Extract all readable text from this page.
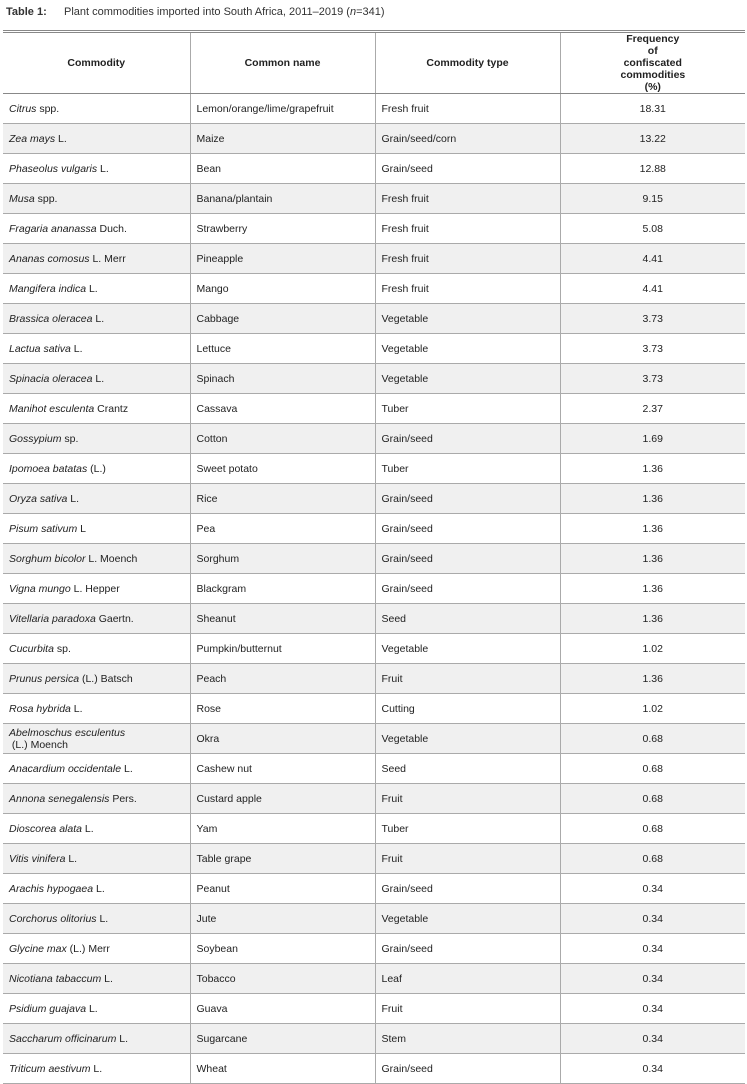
Table 1: Plant commodities imported into South Africa, 2011–2019 (n=341)
Commodity	Common name	Commodity type	Frequency of confiscated commodities (%)
Citrus spp.	Lemon/orange/lime/grapefruit	Fresh fruit	18.31
Zea mays L.	Maize	Grain/seed/corn	13.22
Phaseolus vulgaris L.	Bean	Grain/seed	12.88
Musa spp.	Banana/plantain	Fresh fruit	9.15
Fragaria ananassa Duch.	Strawberry	Fresh fruit	5.08
Ananas comosus L. Merr	Pineapple	Fresh fruit	4.41
Mangifera indica L.	Mango	Fresh fruit	4.41
Brassica oleracea L.	Cabbage	Vegetable	3.73
Lactua sativa L.	Lettuce	Vegetable	3.73
Spinacia oleracea L.	Spinach	Vegetable	3.73
Manihot esculenta Crantz	Cassava	Tuber	2.37
Gossypium sp.	Cotton	Grain/seed	1.69
Ipomoea batatas (L.)	Sweet potato	Tuber	1.36
Oryza sativa L.	Rice	Grain/seed	1.36
Pisum sativum L	Pea	Grain/seed	1.36
Sorghum bicolor L. Moench	Sorghum	Grain/seed	1.36
Vigna mungo L. Hepper	Blackgram	Grain/seed	1.36
Vitellaria paradoxa Gaertn.	Sheanut	Seed	1.36
Cucurbita sp.	Pumpkin/butternut	Vegetable	1.02
Prunus persica (L.) Batsch	Peach	Fruit	1.36
Rosa hybrida L.	Rose	Cutting	1.02
Abelmoschus esculentus (L.) Moench	Okra	Vegetable	0.68
Anacardium occidentale L.	Cashew nut	Seed	0.68
Annona senegalensis Pers.	Custard apple	Fruit	0.68
Dioscorea alata L.	Yam	Tuber	0.68
Vitis vinifera L.	Table grape	Fruit	0.68
Arachis hypogaea L.	Peanut	Grain/seed	0.34
Corchorus olitorius L.	Jute	Vegetable	0.34
Glycine max (L.) Merr	Soybean	Grain/seed	0.34
Nicotiana tabaccum L.	Tobacco	Leaf	0.34
Psidium guajava L.	Guava	Fruit	0.34
Saccharum officinarum L.	Sugarcane	Stem	0.34
Triticum aestivum L.	Wheat	Grain/seed	0.34
